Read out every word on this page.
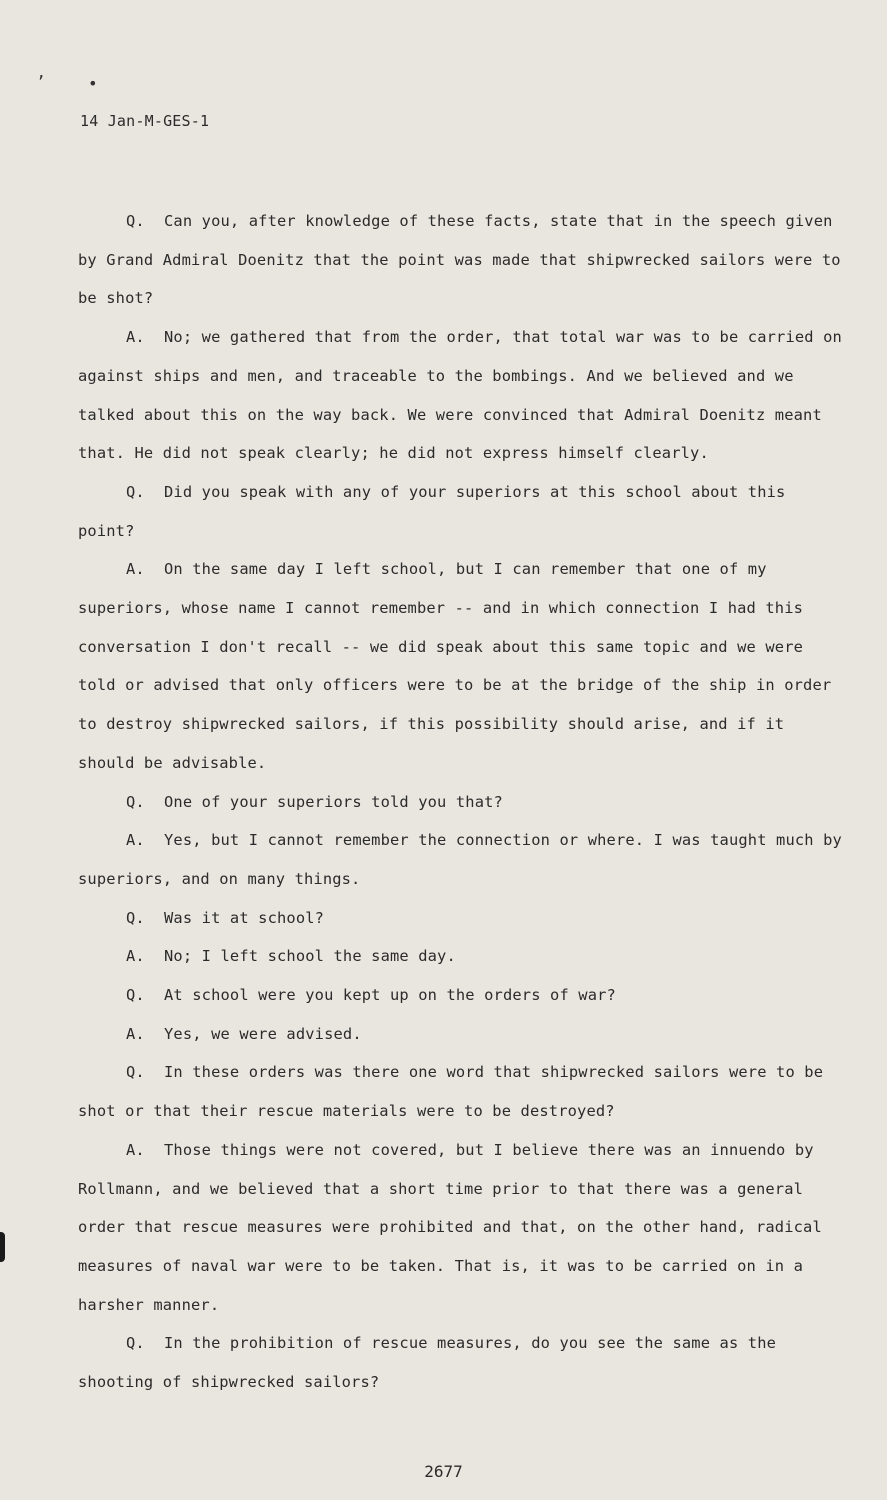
’	•
14 Jan-M-GES-1

Q. Can you, after knowledge of these facts, state that in the speech given by Grand Admiral Doenitz that the point was made that shipwrecked sailors were to be shot?

A. No; we gathered that from the order, that total war was to be carried on against ships and men, and traceable to the bombings. And we believed and we talked about this on the way back. We were convinced that Admiral Doenitz meant that. He did not speak clearly; he did not express himself clearly.

Q. Did you speak with any of your superiors at this school about this point?

A. On the same day I left school, but I can remember that one of my superiors, whose name I cannot remember -- and in which connection I had this conversation I don't recall -- we did speak about this same topic and we were told or advised that only officers were to be at the bridge of the ship in order to destroy shipwrecked sailors, if this possibility should arise, and if it should be advisable.

Q. One of your superiors told you that?

A. Yes, but I cannot remember the connection or where. I was taught much by superiors, and on many things.

Q. Was it at school?

A. No; I left school the same day.

Q. At school were you kept up on the orders of war?

A. Yes, we were advised.

Q. In these orders was there one word that shipwrecked sailors were to be shot or that their rescue materials were to be destroyed?

A. Those things were not covered, but I believe there was an innuendo by Rollmann, and we believed that a short time prior to that there was a general order that rescue measures were prohibited and that, on the other hand, radical measures of naval war were to be taken. That is, it was to be carried on in a harsher manner.

Q. In the prohibition of rescue measures, do you see the same as the shooting of shipwrecked sailors?

2677
